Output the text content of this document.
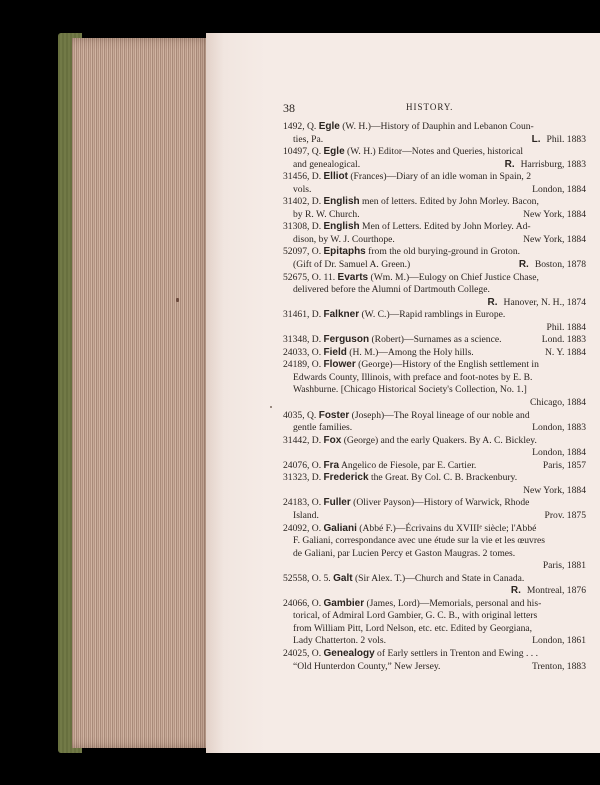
38	HISTORY.
1492, Q. Egle (W. H.)—History of Dauphin and Lebanon Coun-
ties, Pa.	L. Phil. 1883
10497, Q. Egle (W. H.) Editor—Notes and Queries, historical
and genealogical.	R. Harrisburg, 1883
31456, D. Elliot (Frances)—Diary of an idle woman in Spain, 2
vols.	London, 1884
31402, D. English men of letters. Edited by John Morley. Bacon,
by R. W. Church.	New York, 1884
31308, D. English Men of Letters. Edited by John Morley. Ad-
dison, by W. J. Courthope.	New York, 1884
52097, O. Epitaphs from the old burying-ground in Groton.
(Gift of Dr. Samuel A. Green.)	R. Boston, 1878
52675, O. 11. Evarts (Wm. M.)—Eulogy on Chief Justice Chase,
delivered before the Alumni of Dartmouth College.
R. Hanover, N. H., 1874
31461, D. Falkner (W. C.)—Rapid ramblings in Europe.
Phil. 1884
31348, D. Ferguson (Robert)—Surnames as a science.	Lond. 1883
24033, O. Field (H. M.)—Among the Holy hills.	N. Y. 1884
24189, O. Flower (George)—History of the English settlement in
Edwards County, Illinois, with preface and foot-notes by E. B.
Washburne. [Chicago Historical Society's Collection, No. 1.]
Chicago, 1884
4035, Q. Foster (Joseph)—The Royal lineage of our noble and
gentle families.	London, 1883
31442, D. Fox (George) and the early Quakers. By A. C. Bickley.
London, 1884
24076, O. Fra Angelico de Fiesole, par E. Cartier.	Paris, 1857
31323, D. Frederick the Great. By Col. C. B. Brackenbury.
New York, 1884
24183, O. Fuller (Oliver Payson)—History of Warwick, Rhode
Island.	Prov. 1875
24092, O. Galiani (Abbé F.)—Écrivains du XVIIIᵉ siècle; l'Abbé
F. Galiani, correspondance avec une étude sur la vie et les œuvres
de Galiani, par Lucien Percy et Gaston Maugras. 2 tomes.
Paris, 1881
52558, O. 5. Galt (Sir Alex. T.)—Church and State in Canada.
R. Montreal, 1876
24066, O. Gambier (James, Lord)—Memorials, personal and his-
torical, of Admiral Lord Gambier, G. C. B., with original letters
from William Pitt, Lord Nelson, etc. etc. Edited by Georgiana,
Lady Chatterton. 2 vols.	London, 1861
24025, O. Genealogy of Early settlers in Trenton and Ewing . . .
“Old Hunterdon County,” New Jersey.	Trenton, 1883
